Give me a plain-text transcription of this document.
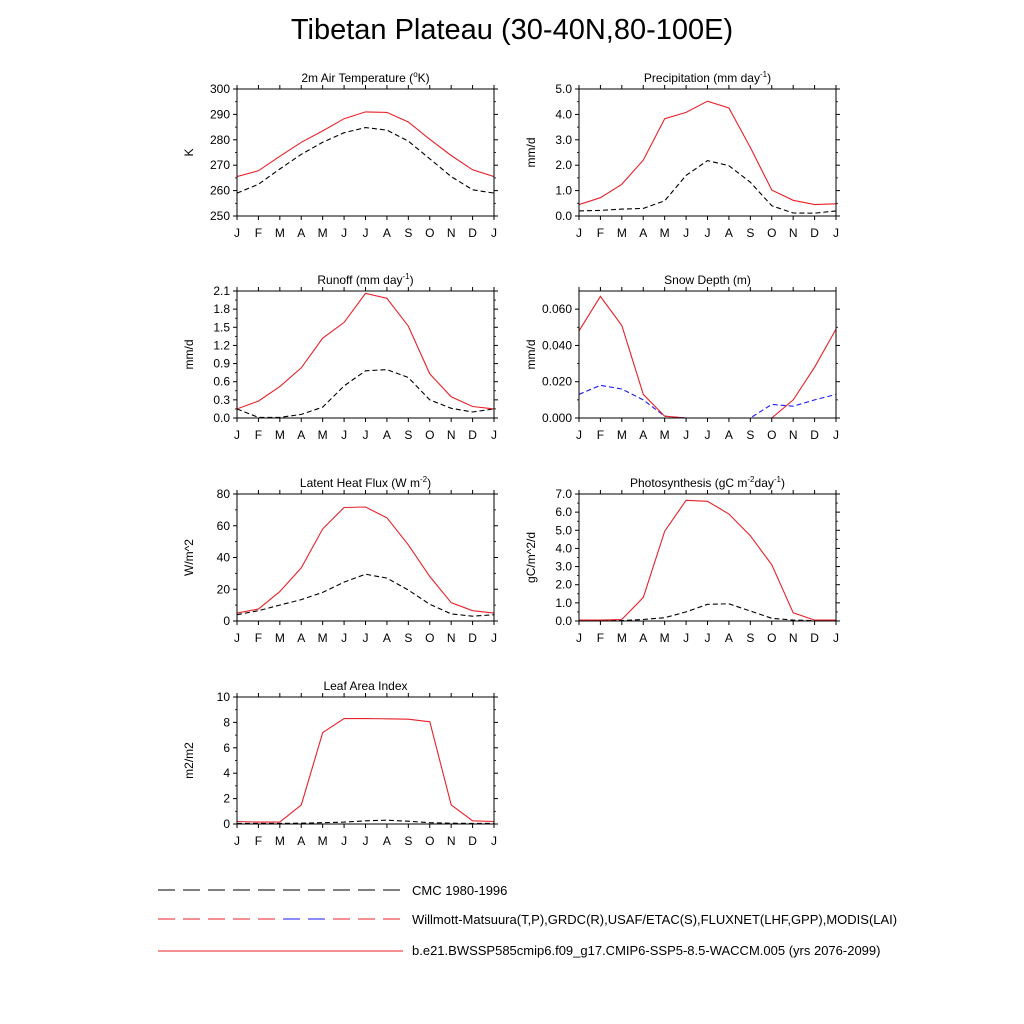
Tibetan Plateau (30-40N,80-100E)
2m Air Temperature ($^o$K)
K
250
260
270
280
290
300
J F M A M J J A S O N D J
Precipitation (mm day$^{-1}$)
mm/d
0.0
1.0
2.0
3.0
4.0
5.0
J F M A M J J A S O N D J
Runoff (mm day$^{-1}$)
mm/d
0.0
0.3
0.6
0.9
1.2
1.5
1.8
2.1
J F M A M J J A S O N D J
Snow Depth (m)
mm/d
0.000
0.020
0.040
0.060
J F M A M J J A S O N D J
Latent Heat Flux (W $m^{-2}$)
W/m^2
0
20
40
60
80
J F M A M J J A S O N D J
Photosynthesis (gC $m^{-2}day^{-1}$)
gC/m^2/d
0.0
1.0
2.0
3.0
4.0
5.0
6.0
7.0
J F M A M J J A S O N D J
Leaf Area Index
m2/m2
0
2
4
6
8
10
J F M A M J J A S O N D J
CMC 1980-1996
Willmott-Matsuura(T,P),GRDC(R),USAF/ETAC(S),FLUXNET(LHF,GPP),MODIS(LAI)
b.e21.BWSSP585cmip6.f09_g17.CMIP6-SSP5-8.5-WACCM.005 (yrs 2076-2099)
